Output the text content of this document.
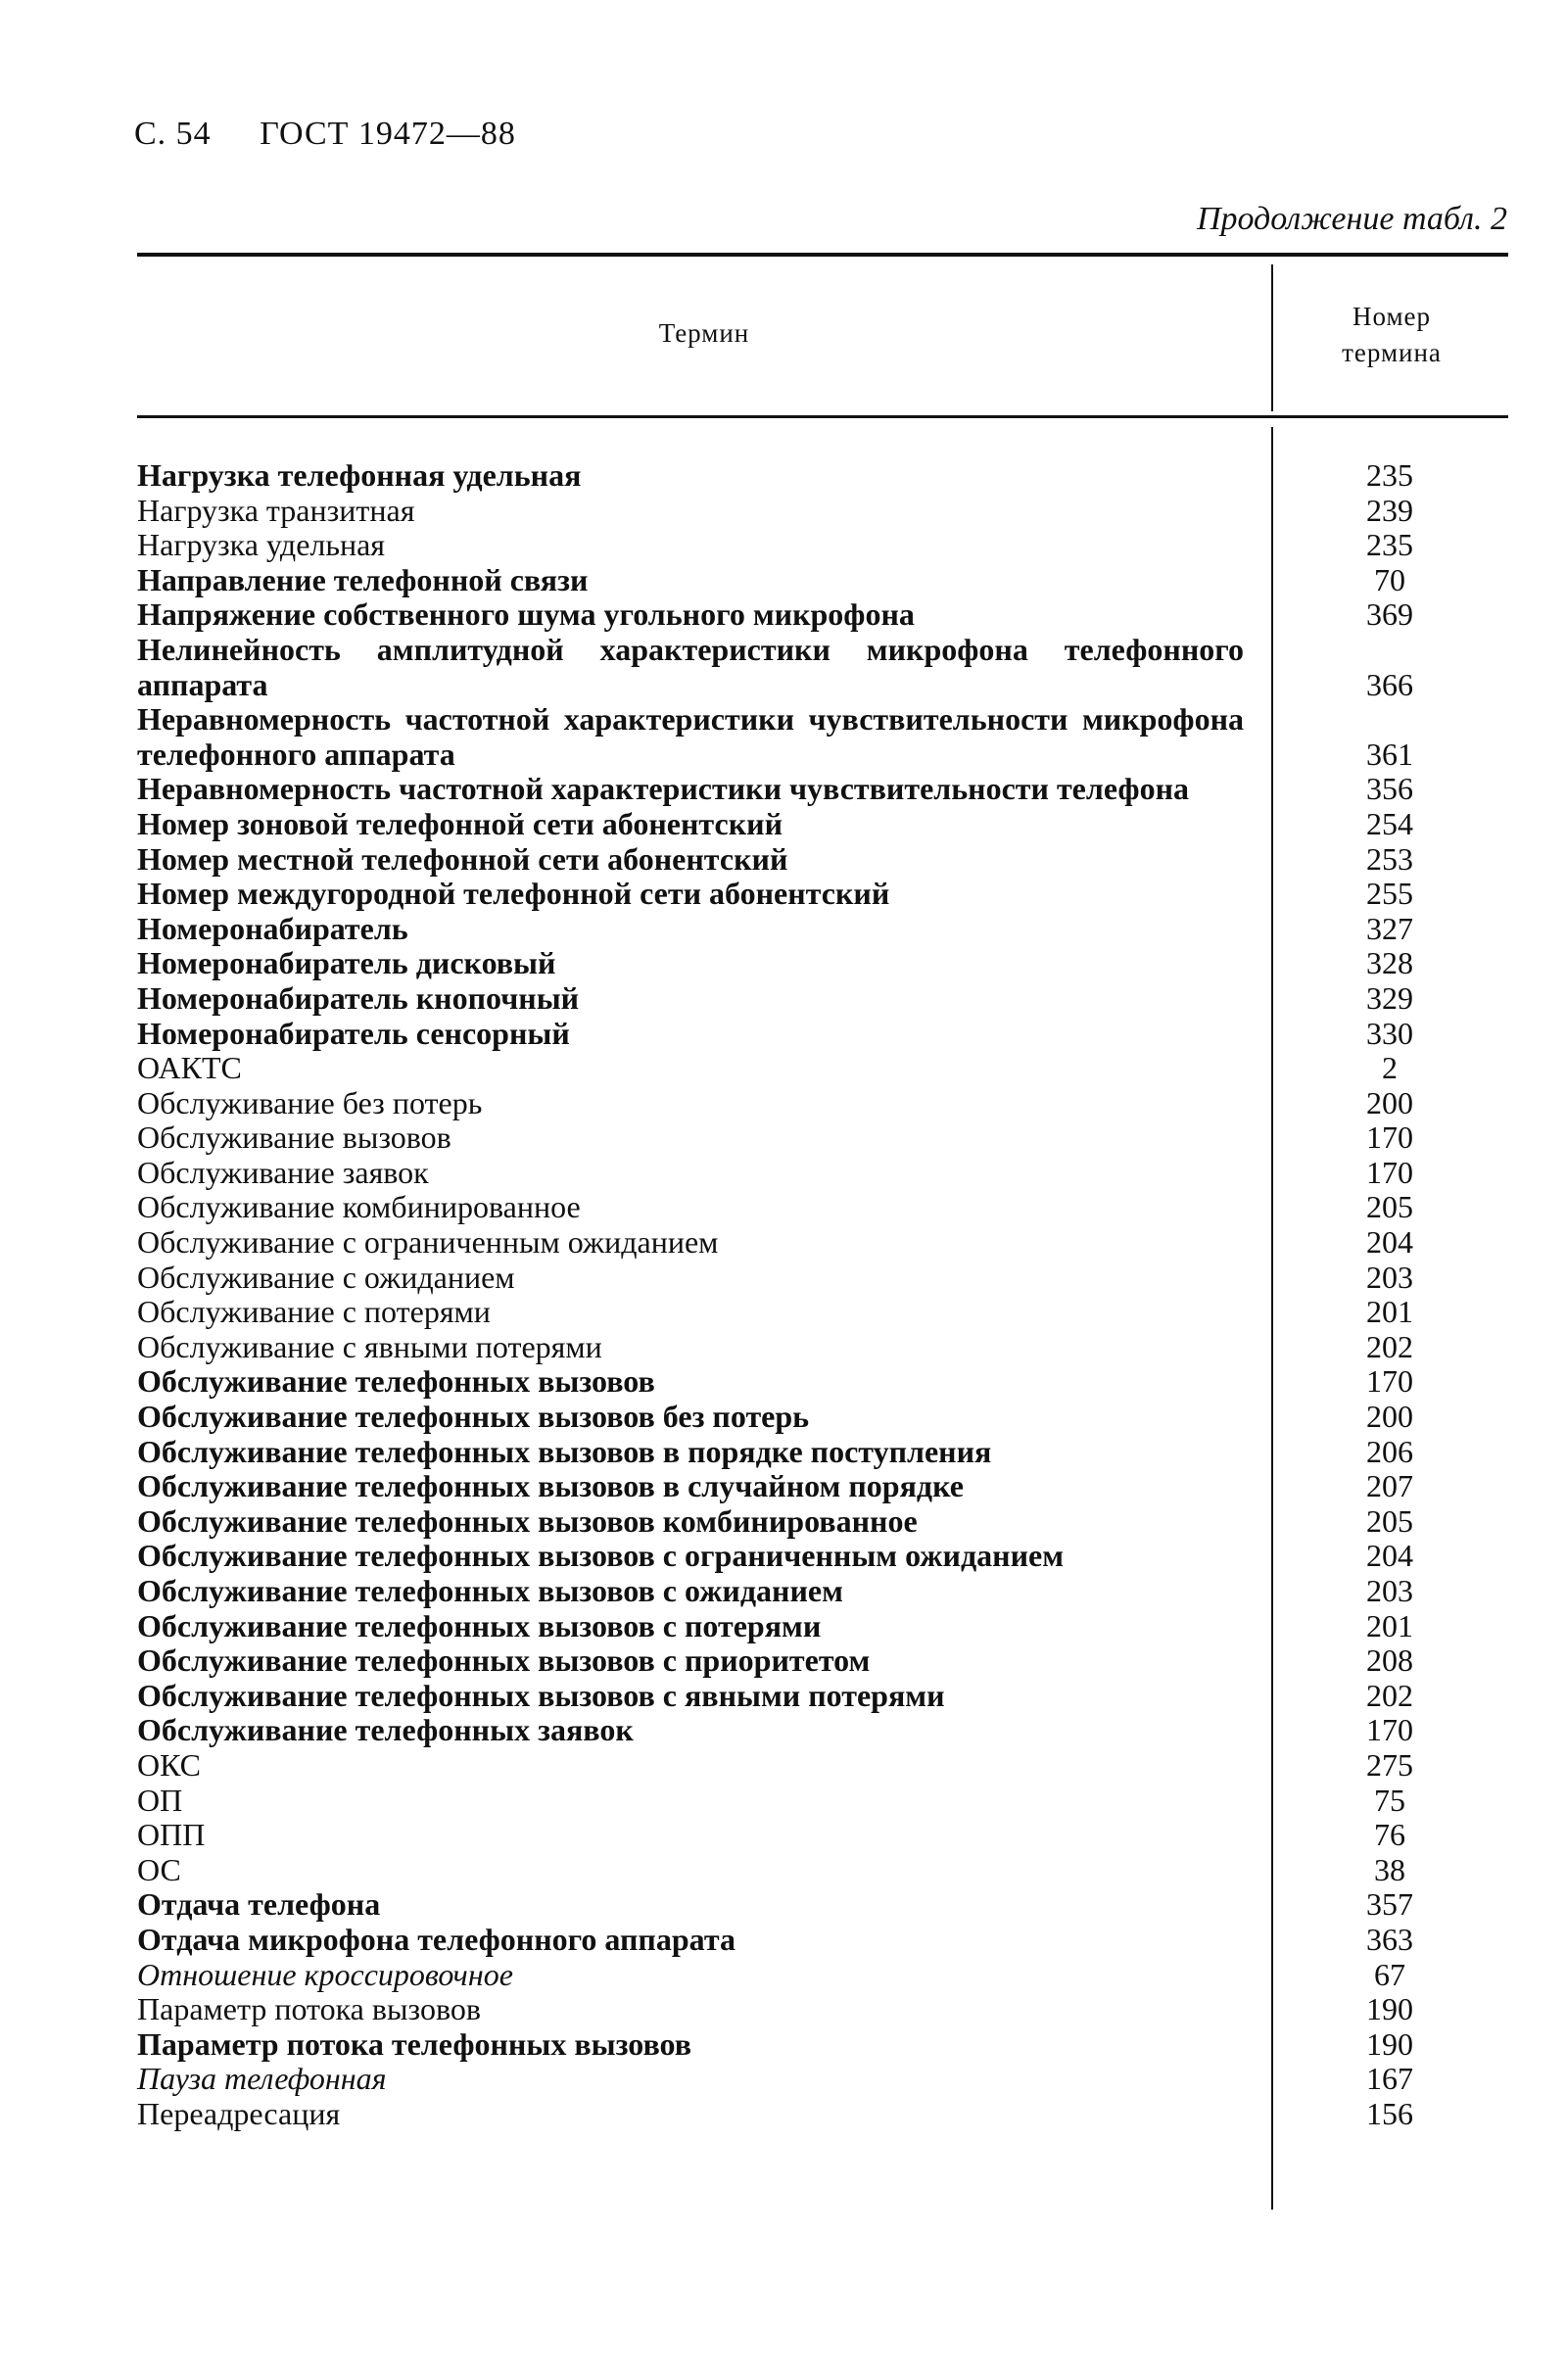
С. 54 ГОСТ 19472—88
Продолжение табл. 2
Термин
Номер
термина
Нагрузка телефонная удельная	235
Нагрузка транзитная	239
Нагрузка удельная	235
Направление телефонной связи	70
Напряжение собственного шума угольного микрофона	369
Нелинейность амплитудной характеристики микрофона телефонного аппарата	366
Неравномерность частотной характеристики чувствительности микрофона телефонного аппарата	361
Неравномерность частотной характеристики чувствительности телефона	356
Номер зоновой телефонной сети абонентский	254
Номер местной телефонной сети абонентский	253
Номер междугородной телефонной сети абонентский	255
Номеронабиратель	327
Номеронабиратель дисковый	328
Номеронабиратель кнопочный	329
Номеронабиратель сенсорный	330
ОАКТС	2
Обслуживание без потерь	200
Обслуживание вызовов	170
Обслуживание заявок	170
Обслуживание комбинированное	205
Обслуживание с ограниченным ожиданием	204
Обслуживание с ожиданием	203
Обслуживание с потерями	201
Обслуживание с явными потерями	202
Обслуживание телефонных вызовов	170
Обслуживание телефонных вызовов без потерь	200
Обслуживание телефонных вызовов в порядке поступления	206
Обслуживание телефонных вызовов в случайном порядке	207
Обслуживание телефонных вызовов комбинированное	205
Обслуживание телефонных вызовов с ограниченным ожиданием	204
Обслуживание телефонных вызовов с ожиданием	203
Обслуживание телефонных вызовов с потерями	201
Обслуживание телефонных вызовов с приоритетом	208
Обслуживание телефонных вызовов с явными потерями	202
Обслуживание телефонных заявок	170
ОКС	275
ОП	75
ОПП	76
ОС	38
Отдача телефона	357
Отдача микрофона телефонного аппарата	363
Отношение кроссировочное	67
Параметр потока вызовов	190
Параметр потока телефонных вызовов	190
Пауза телефонная	167
Переадресация	156
